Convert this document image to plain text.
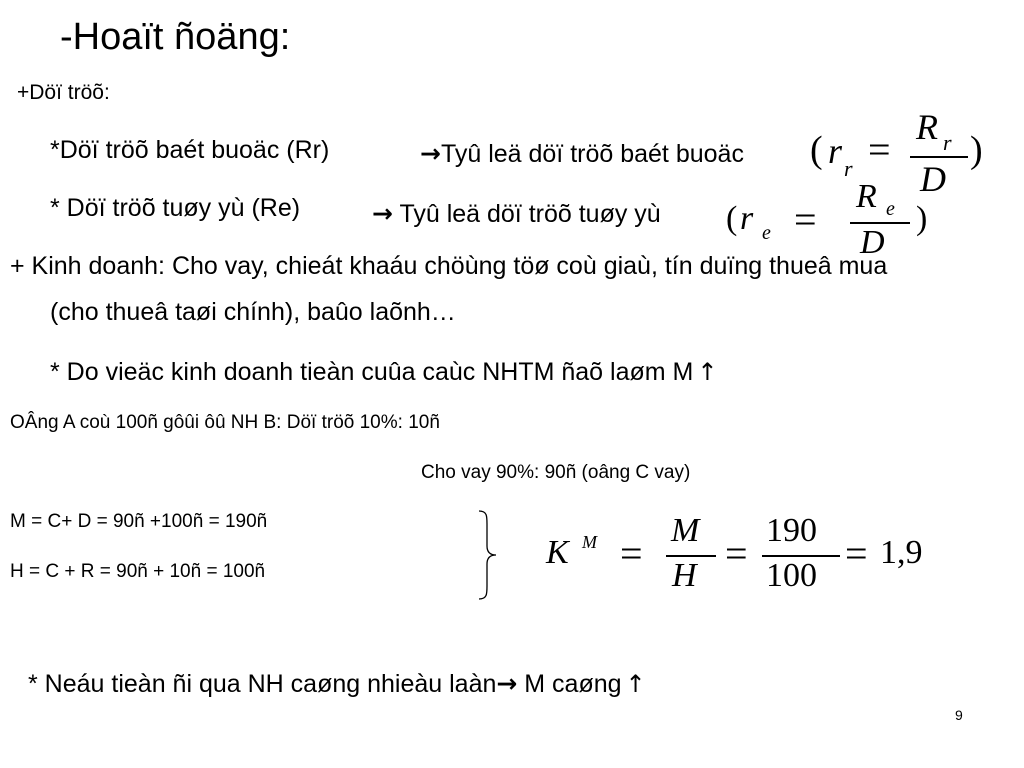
-Hoaït ñoäng:
+Döï tröõ:
*Döï tröõ baét buoäc (Rr)	→Tyû leä döï tröõ baét buoäc ( r r = R r
D
)
* Döï tröõ tuøy yù (Re)	→ Tyû leä döï tröõ tuøy yù ( r e =
R e
D
)
+ Kinh doanh: Cho vay, chieát khaáu chöùng töø coù giaù, tín duïng thueâ mua
(cho thueâ taøi chính), baûo laõnh…
* Do vieäc kinh doanh tieàn cuûa caùc NHTM ñaõ laøm M ↑
OÂng A coù 100ñ gôûi ôû NH B: Döï tröõ 10%: 10ñ
Cho vay 90%: 90ñ (oâng C vay)
M = C+ D = 90ñ +100ñ = 190ñ
H = C + R = 90ñ + 10ñ = 100ñ
K M =
M
H =
190
100 = 1,9
* Neáu tieàn ñi qua NH caøng nhieàu laàn→ M caøng ↑
9
